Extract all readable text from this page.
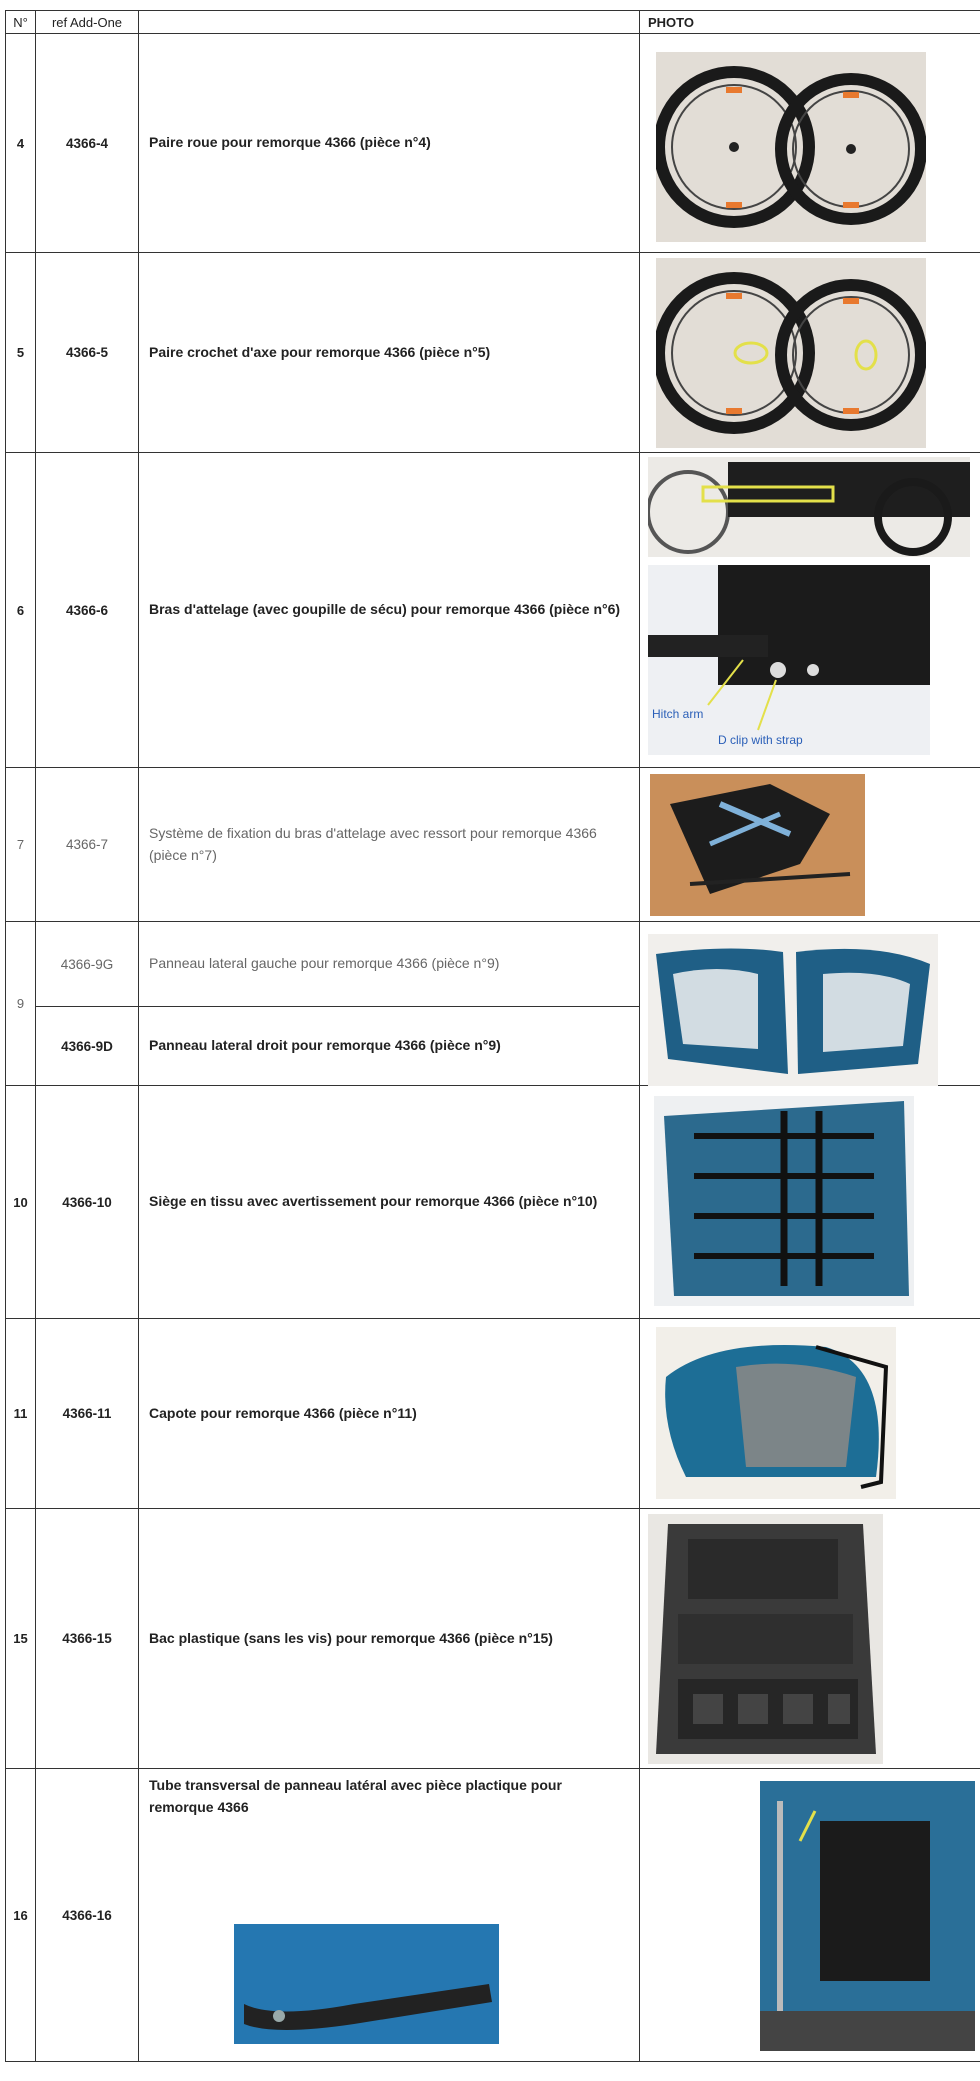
N°	ref Add-One		PHOTO
4	4366-4	Paire roue pour remorque 4366 (pièce n°4)	

5	4366-5	Paire crochet d'axe pour remorque 4366 (pièce n°5)	

6	4366-6	Bras d'attelage (avec goupille de sécu) pour remorque 4366 (pièce n°6)	Hitch arm
D clip with strap

7	4366-7	Système de fixation du bras d'attelage avec ressort pour remorque 4366 (pièce n°7)	

9	4366-9G	Panneau lateral gauche pour remorque 4366 (pièce n°9)	

	4366-9D	Panneau lateral droit pour remorque 4366 (pièce n°9)	
10	4366-10	Siège en tissu avec avertissement pour remorque 4366 (pièce n°10)	

11	4366-11	Capote pour remorque 4366 (pièce n°11)	

15	4366-15	Bac plastique (sans les vis) pour remorque 4366 (pièce n°15)	

16	4366-16	Tube transversal de panneau latéral avec pièce plactique pour remorque 4366
